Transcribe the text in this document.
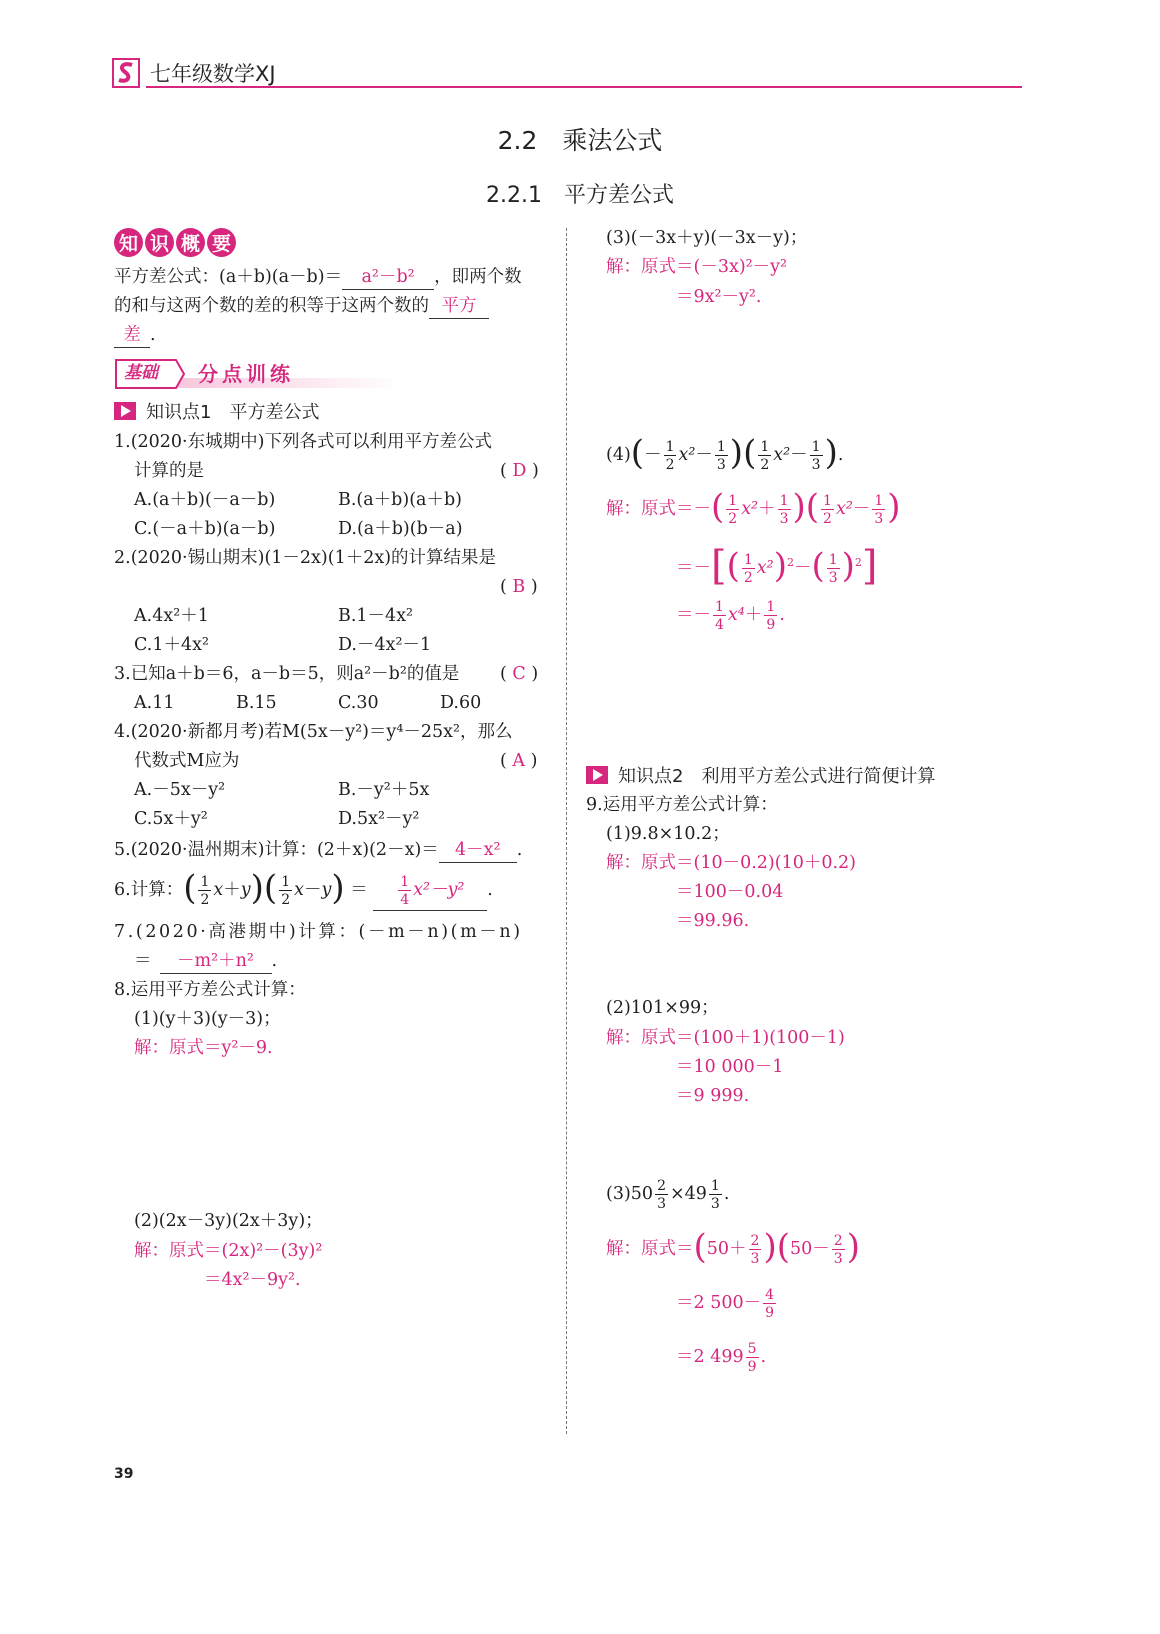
七年级数学XJ
2.2　乘法公式
2.2.1　平方差公式
知 识 概 要
平方差公式：(a＋b)(a－b)＝ a²－b² ，即两个数
的和与这两个数的差的积等于这两个数的 平方
差 .
基础 分点训练
知识点1　平方差公式
1.(2020·东城期中)下列各式可以利用平方差公式
计算的是	( D )
A.(a＋b)(－a－b)	B.(a＋b)(a＋b)
C.(－a＋b)(a－b)	D.(a＋b)(b－a)
2.(2020·锡山期末)(1－2x)(1＋2x)的计算结果是
( B )
A.4x²＋1	B.1－4x²
C.1＋4x²	D.－4x²－1
3.已知a＋b＝6，a－b＝5，则a²－b²的值是 ( C )
A.11	B.15	C.30	D.60
4.(2020·新都月考)若M(5x－y²)＝y⁴－25x²，那么
代数式M应为	( A )
A.－5x－y²	B.－y²＋5x
C.5x＋y²	D.5x²－y²
5.(2020·温州期末)计算：(2＋x)(2－x)＝ 4－x² .
6.计算：( $\frac{1}{2} x+y)( \frac{1}{2} x-y) = \frac{1}{4} x^2-y^2$ .
7.(2020·高港期中)计算：(－m－n)(m－n)
＝ －m²＋n² .
8.运用平方差公式计算：
(1)(y＋3)(y－3)；
解：原式＝y²－9.
(2)(2x－3y)(2x＋3y)；
解：原式＝(2x)²－(3y)²
＝4x²－9y².
(3)(－3x＋y)(－3x－y)；
解：原式＝(－3x)²－y²
＝9x²－y².
$(4)(- \frac{1}{2} x^2- \frac{1}{3}$ )( $\frac{1}{2} x^2- \frac{1}{3}$ ).
解：原式＝－( $\frac{1}{2} x^2+ \frac{1}{3}$ )( $\frac{1}{2} x^2- \frac{1}{3}$ )
＝－[( $\frac{1}{2} x^2)^2-( \frac{1}{3} )^2$]
＝－ $\frac{1}{4} x^4+ \frac{1}{9}$ .
知识点2　利用平方差公式进行简便计算
9.运用平方差公式计算：
(1)9.8×10.2；
解：原式＝(10－0.2)(10＋0.2)
＝100－0.04
＝99.96.
(2)101×99；
解：原式＝(100＋1)(100－1)
＝10 000－1
＝9 999.
$(3)50 \frac{2}{3} \times 49 \frac{1}{3}$ .
解：原式$=(50+ \frac{2}{3} )(50- \frac{2}{3}$ )
＝2 $500- \frac{4}{9}$
＝2 $499 \frac{5}{9}$ .
39
